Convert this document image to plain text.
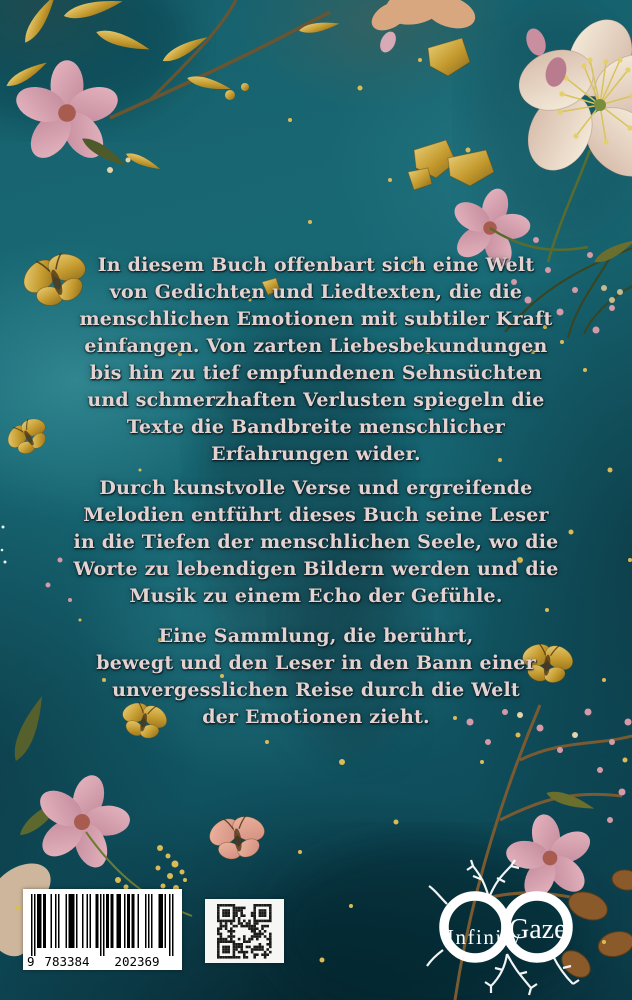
In diesem Buch offenbart sich eine Welt
von Gedichten und Liedtexten, die die
menschlichen Emotionen mit subtiler Kraft
einfangen. Von zarten Liebesbekundungen
bis hin zu tief empfundenen Sehnsüchten
und schmerzhaften Verlusten spiegeln die
Texte die Bandbreite menschlicher
Erfahrungen wider.
Durch kunstvolle Verse und ergreifende
Melodien entführt dieses Buch seine Leser
in die Tiefen der menschlichen Seele, wo die
Worte zu lebendigen Bildern werden und die
Musik zu einem Echo der Gefühle.
Eine Sammlung, die berührt,
bewegt und den Leser in den Bann einer
unvergesslichen Reise durch die Welt
der Emotionen zieht.
9 783384 202369
Infinity
Gaze
